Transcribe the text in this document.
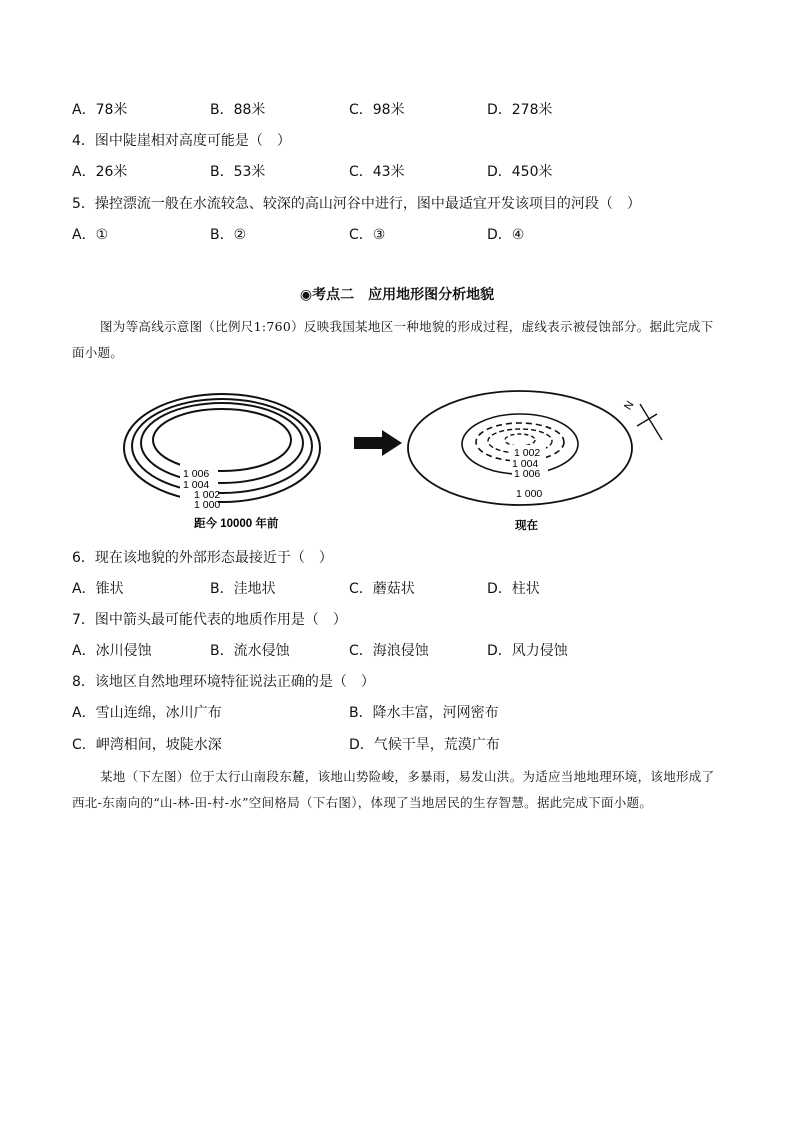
A．78米	B．88米	C．98米	D．278米
4．图中陡崖相对高度可能是（　）
A．26米	B．53米	C．43米	D．450米
5．操控漂流一般在水流较急、较深的高山河谷中进行，图中最适宜开发该项目的河段（　）
A．①	B．②	C．③	D．④
◉考点二　应用地形图分析地貌
图为等高线示意图（比例尺1:760）反映我国某地区一种地貌的形成过程，虚线表示被侵蚀部分。据此完成下面小题。
1 006
1 004
1 002
1 000
距今 10000 年前
1 002
1 004
1 006
1 000
现在
N
6．现在该地貌的外部形态最接近于（　）
A．锥状	B．洼地状	C．蘑菇状	D．柱状
7．图中箭头最可能代表的地质作用是（　）
A．冰川侵蚀	B．流水侵蚀	C．海浪侵蚀	D．风力侵蚀
8．该地区自然地理环境特征说法正确的是（　）
A．雪山连绵，冰川广布	B．降水丰富，河网密布
C．岬湾相间，坡陡水深	D．气候干旱，荒漠广布
某地（下左图）位于太行山南段东麓，该地山势险峻，多暴雨，易发山洪。为适应当地地理环境，该地形成了西北-东南向的“山-林-田-村-水”空间格局（下右图），体现了当地居民的生存智慧。据此完成下面小题。
